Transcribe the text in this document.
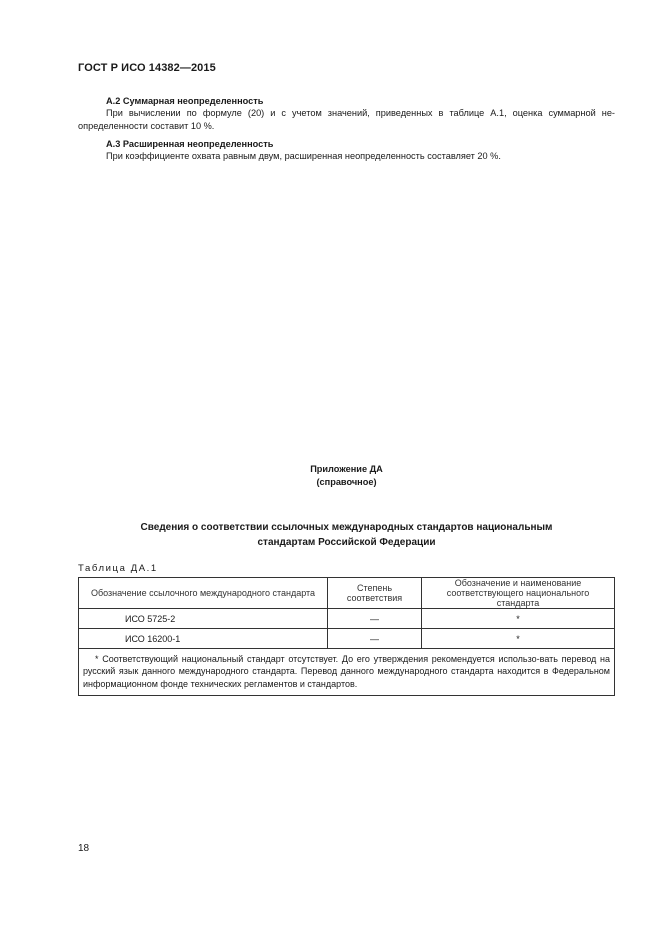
ГОСТ Р ИСО 14382—2015
А.2 Суммарная неопределенность
При вычислении по формуле (20) и с учетом значений, приведенных в таблице А.1, оценка суммарной не-определенности составит 10 %.
А.3 Расширенная неопределенность
При коэффициенте охвата равным двум, расширенная неопределенность составляет 20 %.
Приложение ДА
(справочное)
Сведения о соответствии ссылочных международных стандартов национальным
стандартам Российской Федерации
Таблица ДА.1
Обозначение ссылочного международного стандарта	Степень соответствия	Обозначение и наименование соответствующего национального стандарта
ИСО 5725-2	—	*
ИСО 16200-1	—	*
* Соответствующий национальный стандарт отсутствует. До его утверждения рекомендуется использо-вать перевод на русский язык данного международного стандарта. Перевод данного международного стандарта находится в Федеральном информационном фонде технических регламентов и стандартов.		
18
